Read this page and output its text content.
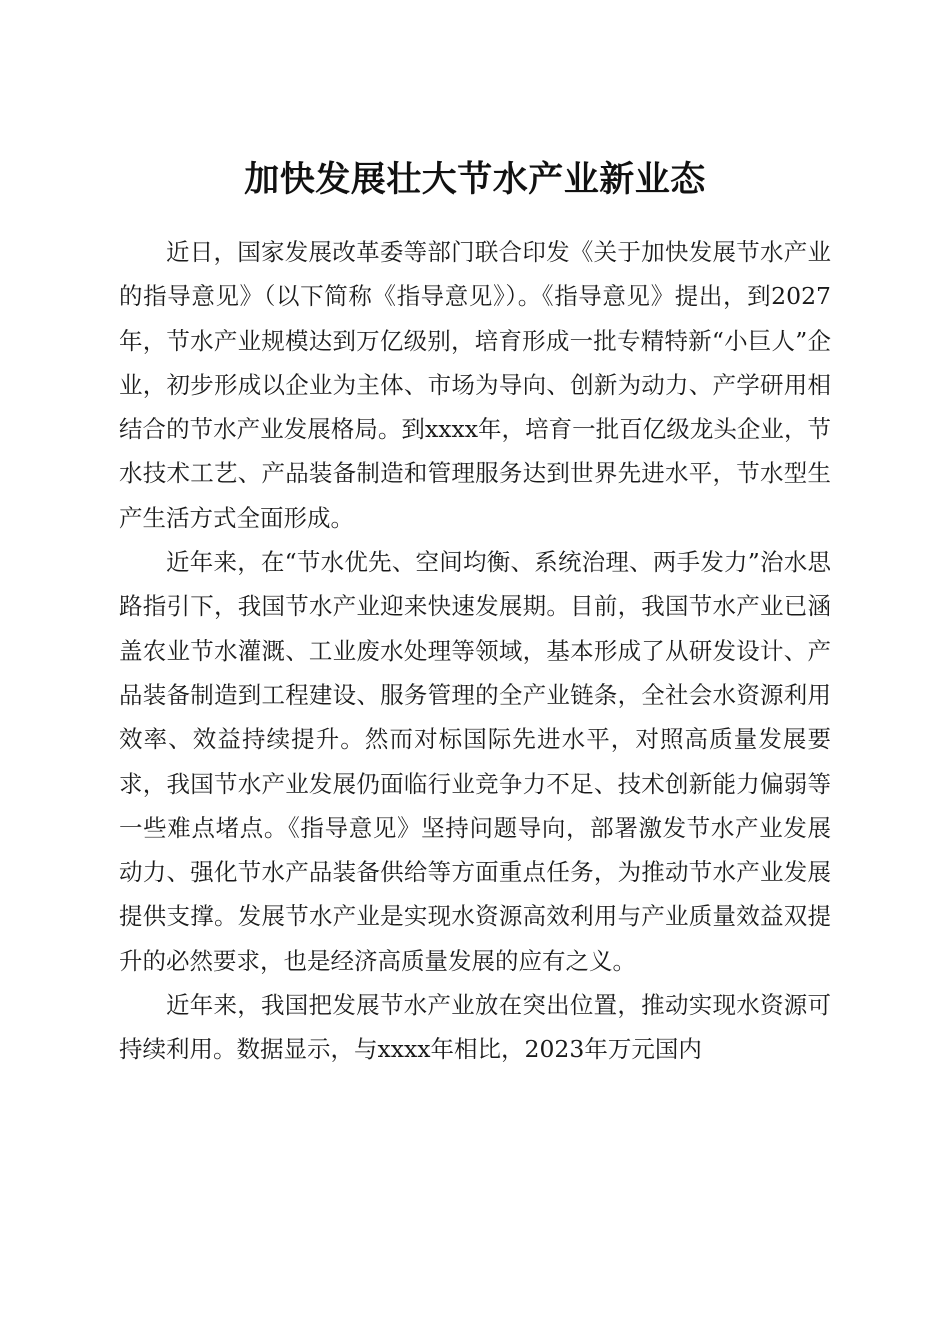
加快发展壮大节水产业新业态

近日，国家发展改革委等部门联合印发《关于加快发展节水产业的指导意见》（以下简称《指导意见》）。《指导意见》提出，到2027年，节水产业规模达到万亿级别，培育形成一批专精特新“小巨人”企业，初步形成以企业为主体、市场为导向、创新为动力、产学研用相结合的节水产业发展格局。到xxxx年，培育一批百亿级龙头企业，节水技术工艺、产品装备制造和管理服务达到世界先进水平，节水型生产生活方式全面形成。

近年来，在“节水优先、空间均衡、系统治理、两手发力”治水思路指引下，我国节水产业迎来快速发展期。目前，我国节水产业已涵盖农业节水灌溉、工业废水处理等领域，基本形成了从研发设计、产品装备制造到工程建设、服务管理的全产业链条，全社会水资源利用效率、效益持续提升。然而对标国际先进水平，对照高质量发展要求，我国节水产业发展仍面临行业竞争力不足、技术创新能力偏弱等一些难点堵点。《指导意见》坚持问题导向，部署激发节水产业发展动力、强化节水产品装备供给等方面重点任务，为推动节水产业发展提供支撑。发展节水产业是实现水资源高效利用与产业质量效益双提升的必然要求，也是经济高质量发展的应有之义。

近年来，我国把发展节水产业放在突出位置，推动实现水资源可持续利用。数据显示，与xxxx年相比，2023年万元国内
